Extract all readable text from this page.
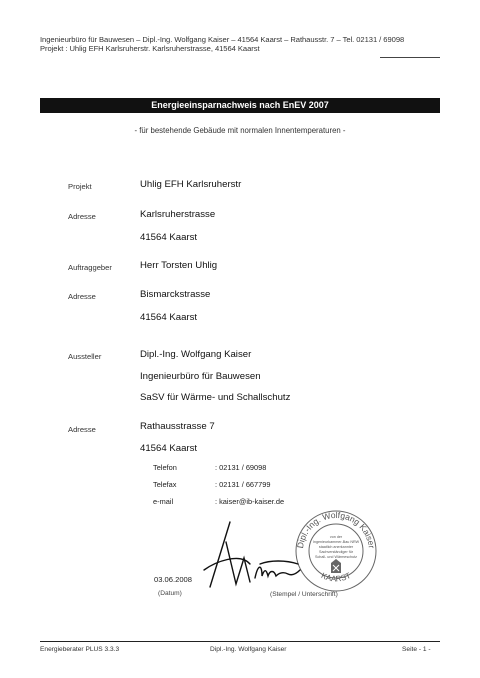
Ingenieurbüro für Bauwesen – Dipl.-Ing. Wolfgang Kaiser – 41564 Kaarst – Rathausstr. 7 – Tel. 02131 / 69098
Projekt : Uhlig EFH Karlsruherstr. Karlsruherstrasse, 41564 Kaarst
Energieeinsparnachweis nach EnEV 2007
- für bestehende Gebäude mit normalen Innentemperaturen -
Projekt	Uhlig EFH Karlsruherstr
Adresse	Karlsruherstrasse
41564 Kaarst
Auftraggeber	Herr Torsten Uhlig
Adresse	Bismarckstrasse
41564 Kaarst
Aussteller	Dipl.-Ing. Wolfgang Kaiser
Ingenieurbüro für Bauwesen
SaSV für Wärme- und Schallschutz
Adresse	Rathausstrasse 7
41564 Kaarst
Telefon	: 02131 / 69098
Telefax	: 02131 / 667799
e-mail	: kaiser@ib-kaiser.de
Dipl.-Ing. Wolfgang Kaiser
KAARST
von der
Ingenieurkammer-Bau NRW
staatlich anerkannter
Sachverständiger für
Schall- und Wärmeschutz
03.06.2008
(Datum)	(Stempel / Unterschrift)
Energieberater PLUS 3.3.3	Dipl.-Ing. Wolfgang Kaiser	Seite - 1 -
